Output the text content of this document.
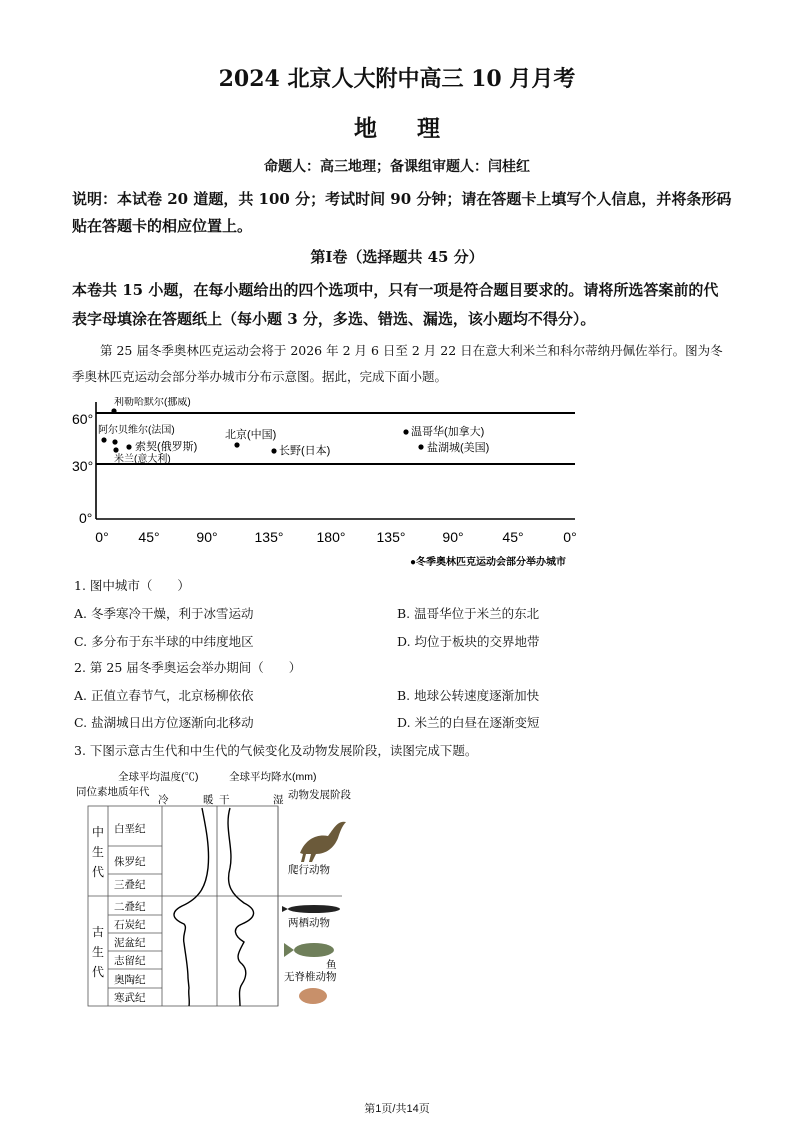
2024 北京人大附中高三 10 月月考
地理
命题人：高三地理；备课组审题人：闫桂红
说明：本试卷 20 道题，共 100 分；考试时间 90 分钟；请在答题卡上填写个人信息，并将条形码贴在答题卡的相应位置上。
第Ⅰ卷（选择题共 45 分）
本卷共 15 小题，在每小题给出的四个选项中，只有一项是符合题目要求的。请将所选答案前的代表字母填涂在答题纸上（每小题 3 分，多选、错选、漏选，该小题均不得分）。
第 25 届冬季奥林匹克运动会将于 2026 年 2 月 6 日至 2 月 22 日在意大利米兰和科尔蒂纳丹佩佐举行。图为冬季奥林匹克运动会部分举办城市分布示意图。据此，完成下面小题。
60°
30°
0°
0° 45°	90°	135° 180° 135°	90°	45°	0°
利勒哈默尔(挪威)
阿尔贝维尔(法国)
米兰(意大利)
索契(俄罗斯)
北京(中国)
长野(日本)
温哥华(加拿大)
盐湖城(美国)
●冬季奥林匹克运动会部分举办城市
1. 图中城市（　　）
A. 冬季寒冷干燥，利于冰雪运动	B. 温哥华位于米兰的东北
C. 多分布于东半球的中纬度地区	D. 均位于板块的交界地带
2. 第 25 届冬季奥运会举办期间（　　）
A. 正值立春节气，北京杨柳依依	B. 地球公转速度逐渐加快
C. 盐湖城日出方位逐渐向北移动	D. 米兰的白昼在逐渐变短
3. 下图示意古生代和中生代的气候变化及动物发展阶段，读图完成下题。
全球平均温度(℃)	全球平均降水(mm)
同位素地质年代	动物发展阶段
冷	暖 干	湿
中
生
代
古
生
代
白垩纪
侏罗纪
三叠纪
二叠纪
石炭纪
泥盆纪
志留纪
奥陶纪
寒武纪
爬行动物
两栖动物
鱼
无脊椎动物
第1页/共14页
